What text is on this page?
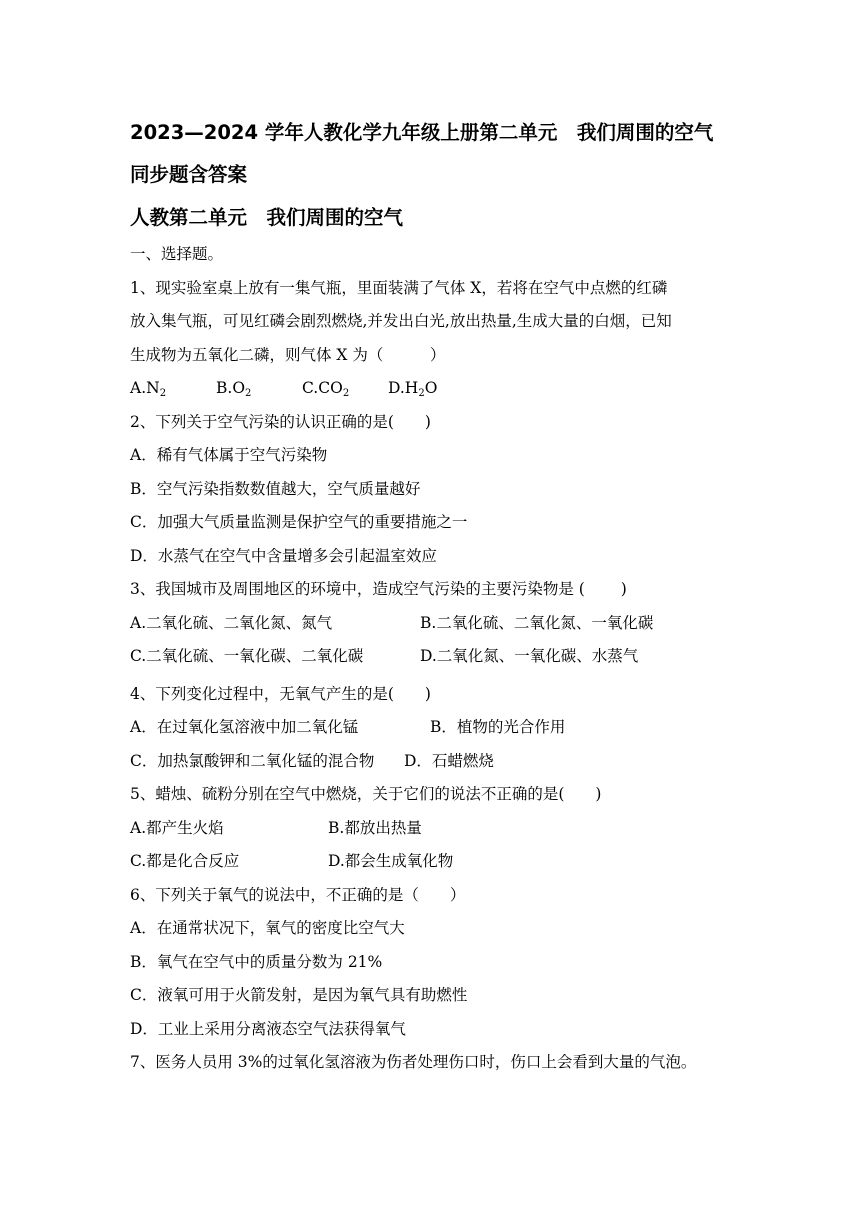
2023—2024 学年人教化学九年级上册第二单元　我们周围的空气
同步题含答案
人教第二单元　我们周围的空气
一、选择题。
1、现实验室桌上放有一集气瓶，里面装满了气体 X，若将在空气中点燃的红磷
放入集气瓶，可见红磷会剧烈燃烧,并发出白光,放出热量,生成大量的白烟，已知
生成物为五氧化二磷，则气体 X 为（　　　）
$A.N_2$	$B.O_2$	$C.CO_2$	$D.H_2O$
2、下列关于空气污染的认识正确的是(　　)
A．稀有气体属于空气污染物
B．空气污染指数数值越大，空气质量越好
C．加强大气质量监测是保护空气的重要措施之一
D．水蒸气在空气中含量增多会引起温室效应
3、我国城市及周围地区的环境中，造成空气污染的主要污染物是 (　　 )
A.二氧化硫、二氧化氮、氮气	B.二氧化硫、二氧化氮、一氧化碳
C.二氧化硫、一氧化碳、二氧化碳	D.二氧化氮、一氧化碳、水蒸气
4、下列变化过程中，无氧气产生的是(　　)
A．在过氧化氢溶液中加二氧化锰	B．植物的光合作用
C．加热氯酸钾和二氧化锰的混合物	D．石蜡燃烧
5、蜡烛、硫粉分别在空气中燃烧，关于它们的说法不正确的是(　　)
A.都产生火焰	B.都放出热量
C.都是化合反应	D.都会生成氧化物
6、下列关于氧气的说法中，不正确的是（　　）
A．在通常状况下，氧气的密度比空气大
B．氧气在空气中的质量分数为 21%
C．液氧可用于火箭发射，是因为氧气具有助燃性
D．工业上采用分离液态空气法获得氧气
7、医务人员用 3%的过氧化氢溶液为伤者处理伤口时，伤口上会看到大量的气泡。
